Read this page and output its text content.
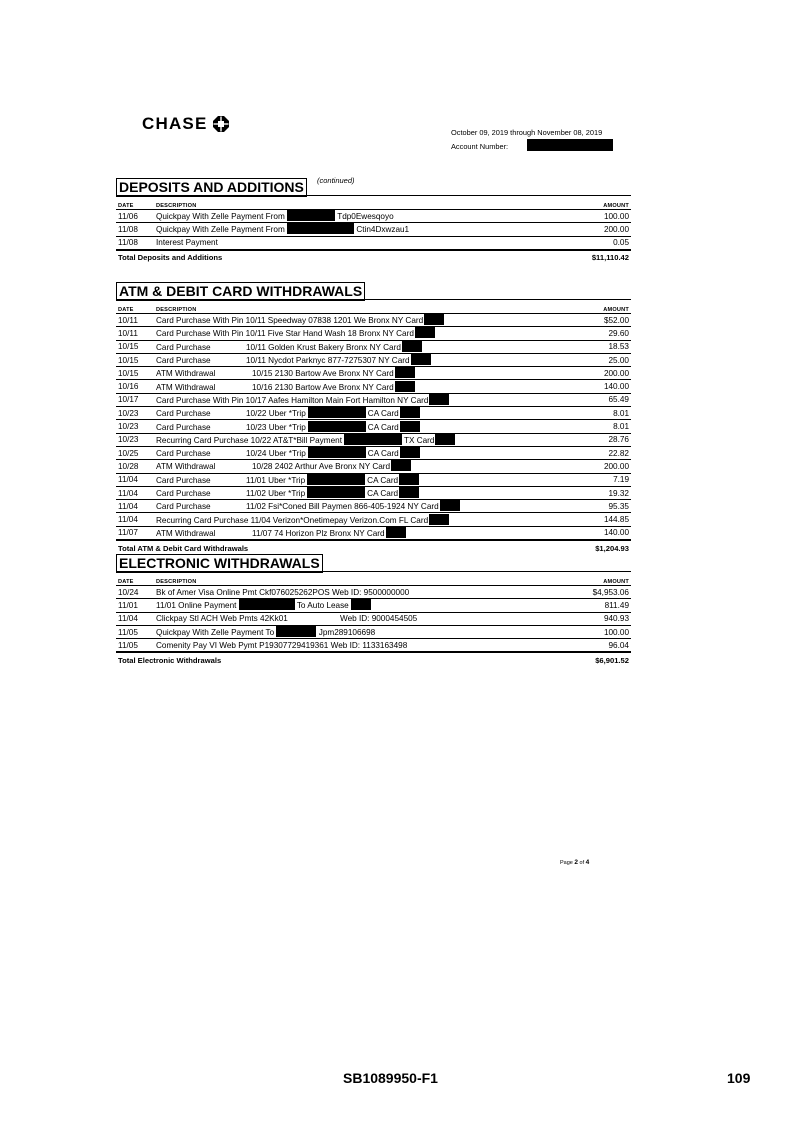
CHASE	October 09, 2019 through November 08, 2019
Account Number:
DEPOSITS AND ADDITIONS	(continued)
DATE	DESCRIPTION	AMOUNT
11/06	Quickpay With Zelle Payment From Tdp0Ewesqoyo	100.00
11/08	Quickpay With Zelle Payment From Ctin4Dxwzau1	200.00
11/08	Interest Payment	0.05
Total Deposits and Additions		$11,110.42
ATM & DEBIT CARD WITHDRAWALS
DATE	DESCRIPTION	AMOUNT
10/11	Card Purchase With Pin 10/11 Speedway 07838 1201 We Bronx NY Card	$52.00
10/11	Card Purchase With Pin 10/11 Five Star Hand Wash 18 Bronx NY Card	29.60
10/15	Card Purchase 10/11 Golden Krust Bakery Bronx NY Card	18.53
10/15	Card Purchase 10/11 Nycdot Parknyc 877-7275307 NY Card	25.00
10/15	ATM Withdrawal 10/15 2130 Bartow Ave Bronx NY Card	200.00
10/16	ATM Withdrawal 10/16 2130 Bartow Ave Bronx NY Card	140.00
10/17	Card Purchase With Pin 10/17 Aafes Hamilton Main Fort Hamilton NY Card	65.49
10/23	Card Purchase 10/22 Uber *Trip CA Card	8.01
10/23	Card Purchase 10/23 Uber *Trip CA Card	8.01
10/23	Recurring Card Purchase 10/22 AT&T*Bill Payment TX Card	28.76
10/25	Card Purchase 10/24 Uber *Trip CA Card	22.82
10/28	ATM Withdrawal 10/28 2402 Arthur Ave Bronx NY Card	200.00
11/04	Card Purchase 11/01 Uber *Trip CA Card	7.19
11/04	Card Purchase 11/02 Uber *Trip CA Card	19.32
11/04	Card Purchase 11/02 Fsi*Coned Bill Paymen 866-405-1924 NY Card	95.35
11/04	Recurring Card Purchase 11/04 Verizon*Onetimepay Verizon.Com FL Card	144.85
11/07	ATM Withdrawal 11/07 74 Horizon Plz Bronx NY Card	140.00
Total ATM & Debit Card Withdrawals		$1,204.93
ELECTRONIC WITHDRAWALS
DATE	DESCRIPTION	AMOUNT
10/24	Bk of Amer Visa Online Pmt Ckf076025262POS Web ID: 9500000000	$4,953.06
11/01	11/01 Online Payment To Auto Lease	811.49
11/04	Clickpay Stl ACH Web Pmts 42Kk01 Web ID: 9000454505	940.93
11/05	Quickpay With Zelle Payment To Jpm289106698	100.00
11/05	Comenity Pay VI Web Pymt P19307729419361 Web ID: 1133163498	96.04
Total Electronic Withdrawals		$6,901.52
Page 2 of 4
SB1089950-F1	109
